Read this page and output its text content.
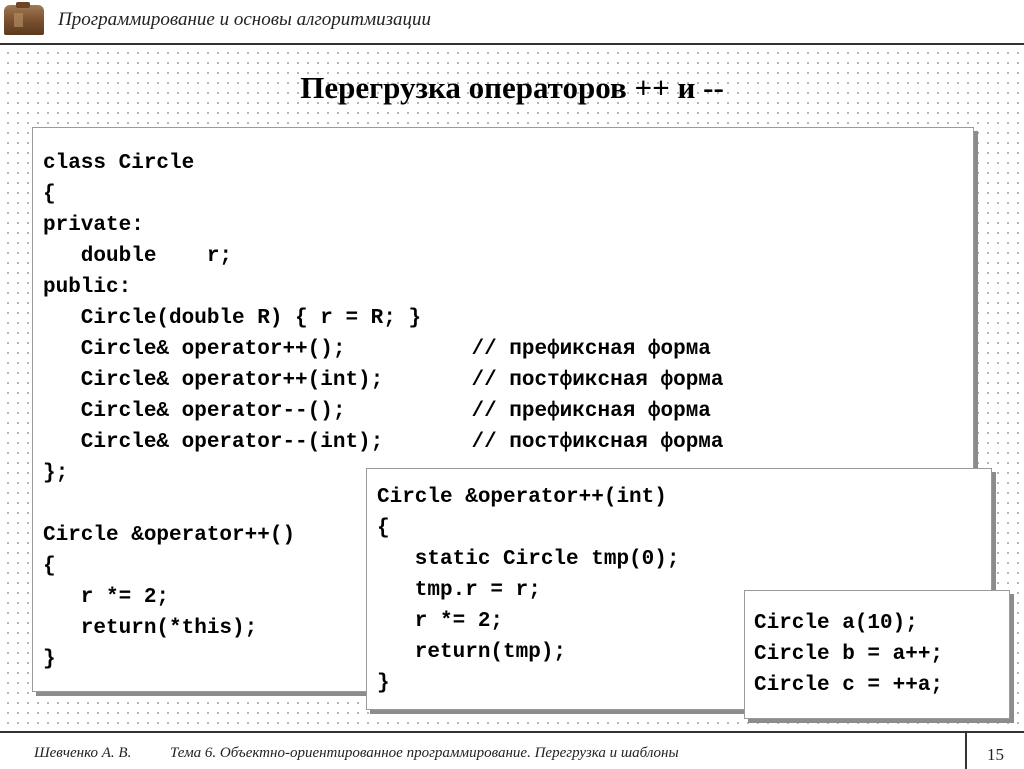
Программирование и основы алгоритмизации
Перегрузка операторов ++ и --
class Circle
{
private:
double    r;
public:
Circle(double R) { r = R; }
Circle& operator++();          // префиксная форма
Circle& operator++(int);       // постфиксная форма
Circle& operator--();          // префиксная форма
Circle& operator--(int);       // постфиксная форма
};
Circle &operator++()
{
r *= 2;
return(*this);
}
Circle &operator++(int)
{
static Circle tmp(0);
tmp.r = r;
r *= 2;
return(tmp);
}
Circle a(10);
Circle b = a++;
Circle c = ++a;
Шевченко А. В.	Тема 6. Объектно-ориентированное программирование. Перегрузка и шаблоны	15
